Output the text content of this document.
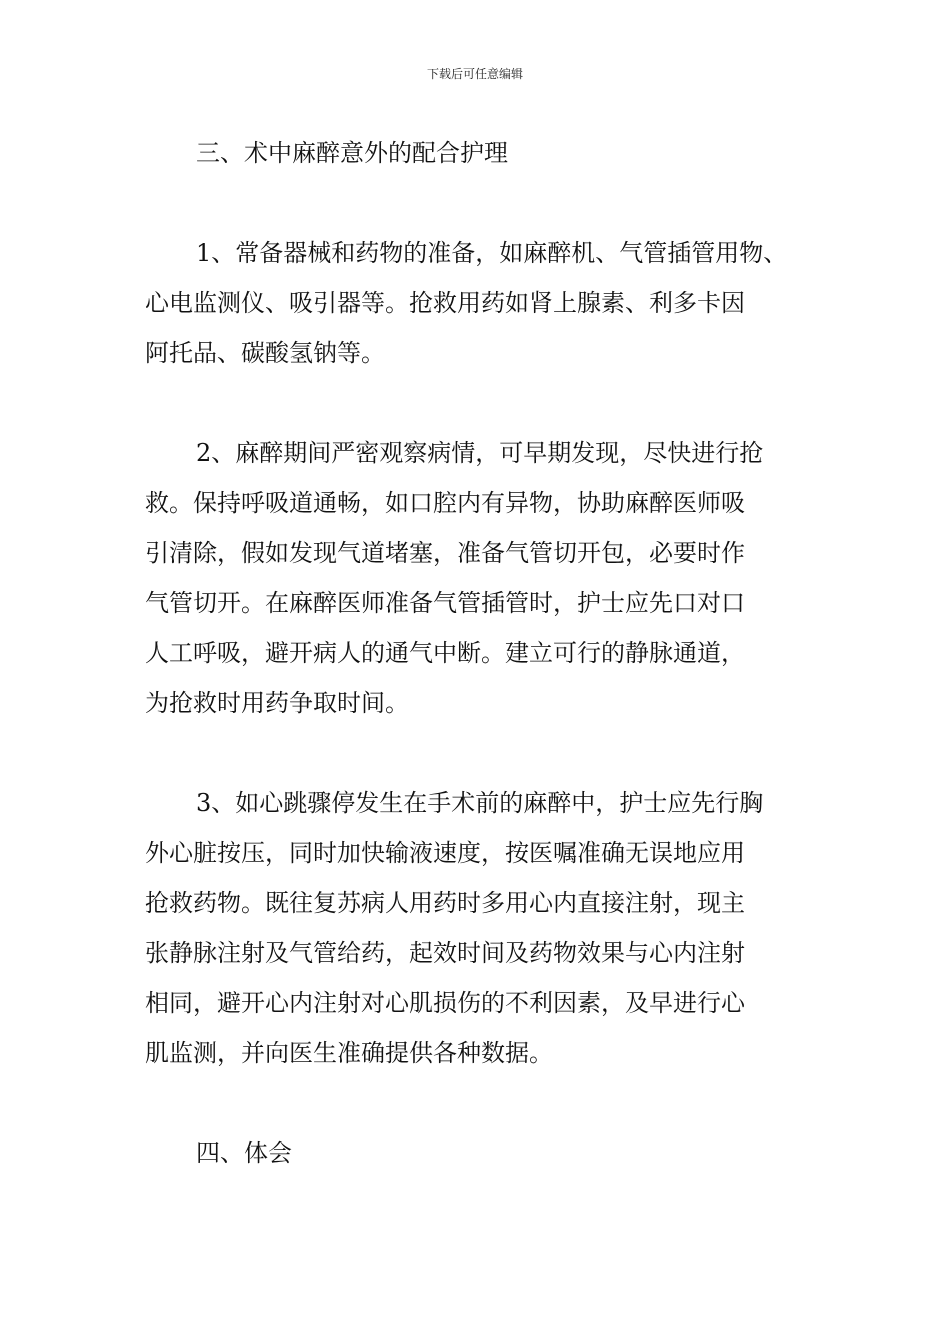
下载后可任意编辑
三、术中麻醉意外的配合护理
1、常备器械和药物的准备，如麻醉机、气管插管用物、
心电监测仪、吸引器等。抢救用药如肾上腺素、利多卡因
阿托品、碳酸氢钠等。
2、麻醉期间严密观察病情，可早期发现，尽快进行抢
救。保持呼吸道通畅，如口腔内有异物，协助麻醉医师吸
引清除，假如发现气道堵塞，准备气管切开包，必要时作
气管切开。在麻醉医师准备气管插管时，护士应先口对口
人工呼吸，避开病人的通气中断。建立可行的静脉通道，
为抢救时用药争取时间。
3、如心跳骤停发生在手术前的麻醉中，护士应先行胸
外心脏按压，同时加快输液速度，按医嘱准确无误地应用
抢救药物。既往复苏病人用药时多用心内直接注射，现主
张静脉注射及气管给药，起效时间及药物效果与心内注射
相同，避开心内注射对心肌损伤的不利因素，及早进行心
肌监测，并向医生准确提供各种数据。
四、体会
